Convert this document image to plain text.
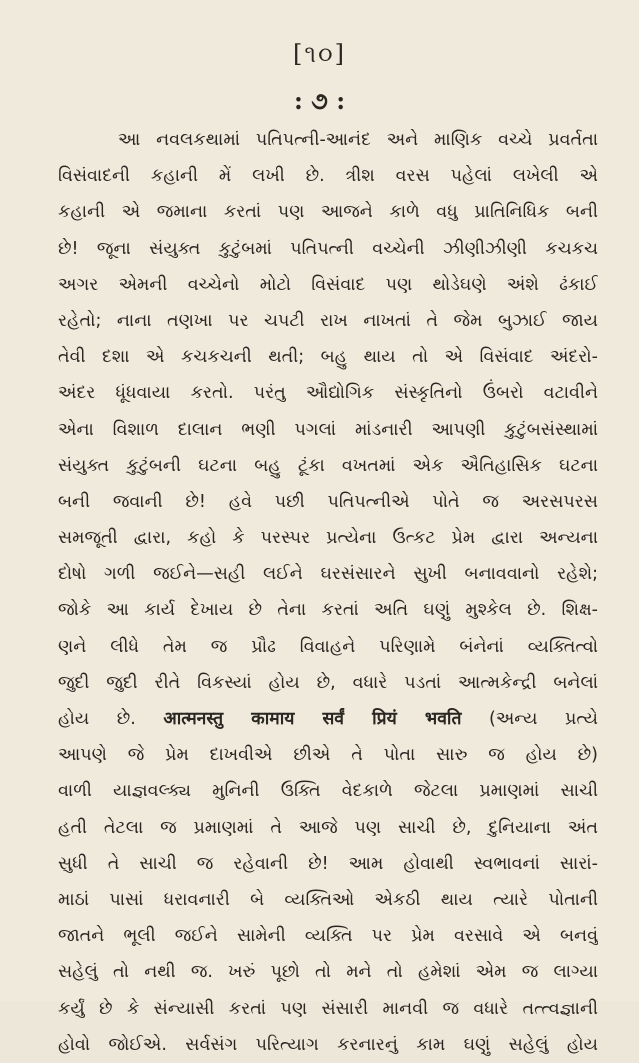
[૧૦]
: ૭ :
આ નવલકથામાં પતિપત્ની-આનંદ અને માણિક વચ્ચે પ્રવર્તતા
વિસંવાદની કહાની મેં લખી છે. ત્રીશ વરસ પહેલાં લખેલી એ
કહાની એ જમાના કરતાં પણ આજને કાળે વધુ પ્રાતિનિધિક બની
છે! જૂના સંયુક્ત કુટુંબમાં પતિપત્ની વચ્ચેની ઝીણીઝીણી કચકચ
અગર એમની વચ્ચેનો મોટો વિસંવાદ પણ થોડેઘણે અંશે ઢંકાઈ
રહેતો; નાના તણખા પર ચપટી રાખ નાખતાં તે જેમ બુઝાઈ જાય
તેવી દશા એ કચકચની થતી; બહુ થાય તો એ વિસંવાદ અંદરો-
અંદર ધૂંધવાયા કરતો. પરંતુ ઔદ્યોગિક સંસ્કૃતિનો ઉંબરો વટાવીને
એના વિશાળ દાલાન ભણી પગલાં માંડનારી આપણી કુટુંબસંસ્થામાં
સંયુક્ત કુટુંબની ઘટના બહુ ટૂંકા વખતમાં એક ઐતિહાસિક ઘટના
બની જવાની છે! હવે પછી પતિપત્નીએ પોતે જ અરસપરસ
સમજૂતી દ્વારા, કહો કે પરસ્પર પ્રત્યેના ઉત્કટ પ્રેમ દ્વારા અન્યના
દોષો ગળી જઈને—સહી લઈને ઘરસંસારને સુખી બનાવવાનો રહેશે;
જોકે આ કાર્ય દેખાય છે તેના કરતાં અતિ ઘણું મુશ્કેલ છે. શિક્ષ-
ણને લીધે તેમ જ પ્રૌઢ વિવાહને પરિણામે બંનેનાં વ્યક્તિત્વો
જુદી જુદી રીતે વિકસ્યાં હોય છે, વધારે પડતાં આત્મકેન્દ્રી બનેલાં
હોય છે. आत्मनस्तु कामाय सर्वं प्रियं भवति (અન્ય પ્રત્યે
આપણે જે પ્રેમ દાખવીએ છીએ તે પોતા સારુ જ હોય છે)
વાળી યાજ્ઞવલ્ક્ય મુનિની ઉક્તિ વેદકાળે જેટલા પ્રમાણમાં સાચી
હતી તેટલા જ પ્રમાણમાં તે આજે પણ સાચી છે, દુનિયાના અંત
સુધી તે સાચી જ રહેવાની છે! આમ હોવાથી સ્વભાવનાં સારાં-
માઠાં પાસાં ધરાવનારી બે વ્યક્તિઓ એકઠી થાય ત્યારે પોતાની
જાતને ભૂલી જઈને સામેની વ્યક્તિ પર પ્રેમ વરસાવે એ બનવું
સહેલું તો નથી જ. ખરું પૂછો તો મને તો હમેશાં એમ જ લાગ્યા
કર્યું છે કે સંન્યાસી કરતાં પણ સંસારી માનવી જ વધારે તત્ત્વજ્ઞાની
હોવો જોઈએ. સર્વસંગ પરિત્યાગ કરનારનું કામ ઘણું સહેલું હોય
